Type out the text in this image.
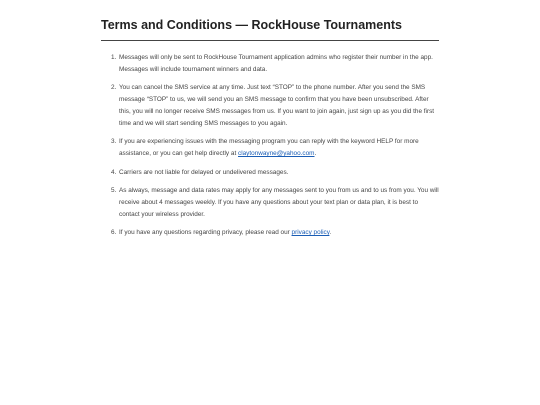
Terms and Conditions — RockHouse Tournaments
1. Messages will only be sent to RockHouse Tournament application admins who register their number in the app. Messages will include tournament winners and data.
2. You can cancel the SMS service at any time. Just text “STOP” to the phone number. After you send the SMS message “STOP” to us, we will send you an SMS message to confirm that you have been unsubscribed. After this, you will no longer receive SMS messages from us. If you want to join again, just sign up as you did the first time and we will start sending SMS messages to you again.
3. If you are experiencing issues with the messaging program you can reply with the keyword HELP for more assistance, or you can get help directly at claytonwayne@yahoo.com.
4. Carriers are not liable for delayed or undelivered messages.
5. As always, message and data rates may apply for any messages sent to you from us and to us from you. You will receive about 4 messages weekly. If you have any questions about your text plan or data plan, it is best to contact your wireless provider.
6. If you have any questions regarding privacy, please read our privacy policy.
